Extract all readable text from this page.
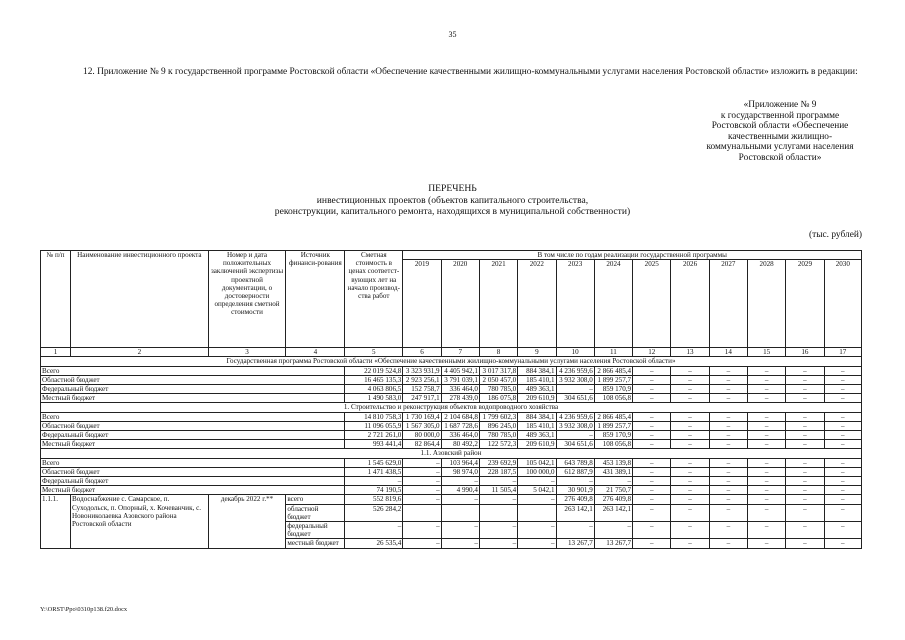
35
12. Приложение № 9 к государственной программе Ростовской области «Обеспечение качественными жилищно-коммунальными услугами населения Ростовской области» изложить в редакции:
«Приложение № 9
к государственной программе
Ростовской области «Обеспечение
качественными жилищно-
коммунальными услугами населения
Ростовской области»
ПЕРЕЧЕНЬ
инвестиционных проектов (объектов капитального строительства,
реконструкции, капитального ремонта, находящихся в муниципальной собственности)
(тыс. рублей)
№ п/п	Наименование инвестиционного проекта	Номер и дата положительных заключений экспертизы проектной документации, о достоверности определения сметной стоимости	Источник финанси-рования	Сметная стоимость в ценах соответст-вующих лет на начало производ-ства работ	В том числе по годам реализации государственной программы											
					2019	2020	2021	2022	2023	2024	2025	2026	2027	2028	2029	2030
1	2	3	4	5	6	7	8	9	10	11	12	13	14	15	16	17
Государственная программа Ростовской области «Обеспечение качественными жилищно-коммунальными услугами населения Ростовской области»																
Всего				22 019 524,8	3 323 931,9	4 405 942,1	3 017 317,8	884 384,1	4 236 959,6	2 866 485,4	–	–	–	–	–	–
Областной бюджет				16 465 135,3	2 923 256,1	3 791 039,1	2 050 457,0	185 410,1	3 932 308,0	1 899 257,7	–	–	–	–	–	–
Федеральный бюджет				4 063 806,5	152 758,7	336 464,0	780 785,0	489 363,1	–	859 170,9	–	–	–	–	–	–
Местный бюджет				1 490 583,0	247 917,1	278 439,0	186 075,8	209 610,9	304 651,6	108 056,8	–	–	–	–	–	–
1. Строительство и реконструкция объектов водопроводного хозяйства																
Всего				14 810 758,3	1 730 169,4	2 104 684,8	1 799 602,3	884 384,1	4 236 959,6	2 866 485,4	–	–	–	–	–	–
Областной бюджет				11 096 055,9	1 567 305,0	1 687 728,6	896 245,0	185 410,1	3 932 308,0	1 899 257,7	–	–	–	–	–	–
Федеральный бюджет				2 721 261,0	80 000,0	336 464,0	780 785,0	489 363,1	–	859 170,9	–	–	–	–	–	–
Местный бюджет				993 441,4	82 864,4	80 492,2	122 572,3	209 610,9	304 651,6	108 056,8	–	–	–	–	–	–
1.1. Азовский район																
Всего				1 545 629,0	–	103 964,4	239 692,9	105 042,1	643 789,8	453 139,8	–	–	–	–	–	–
Областной бюджет				1 471 438,5	–	98 974,0	228 187,5	100 000,0	612 887,9	431 389,1	–	–	–	–	–	–
Федеральный бюджет				–	–	–	–	–	–	–	–	–	–	–	–	–
Местный бюджет				74 190,5	–	4 990,4	11 505,4	5 042,1	30 901,9	21 750,7	–	–	–	–	–	–
1.1.1.	Водоснабжение с. Самарское, п. Суходольск, п. Опорный, х. Кочеванчик, с. Новониколаевка Азовского района Ростовской области	декабрь 2022 г.**	всего	552 819,6	–	–	–	–	276 409,8	276 409,8	–	–	–	–	–	–
			областной бюджет	526 284,2					263 142,1	263 142,1	–	–	–	–	–	–
			федеральный бюджет	–	–	–	–	–	–	–	–	–	–	–	–	–
			местный бюджет	26 535,4	–	–	–	–	13 267,7	13 267,7	–	–	–	–	–	–
Y:\ORST\Ppo\0310p138.f20.docx
